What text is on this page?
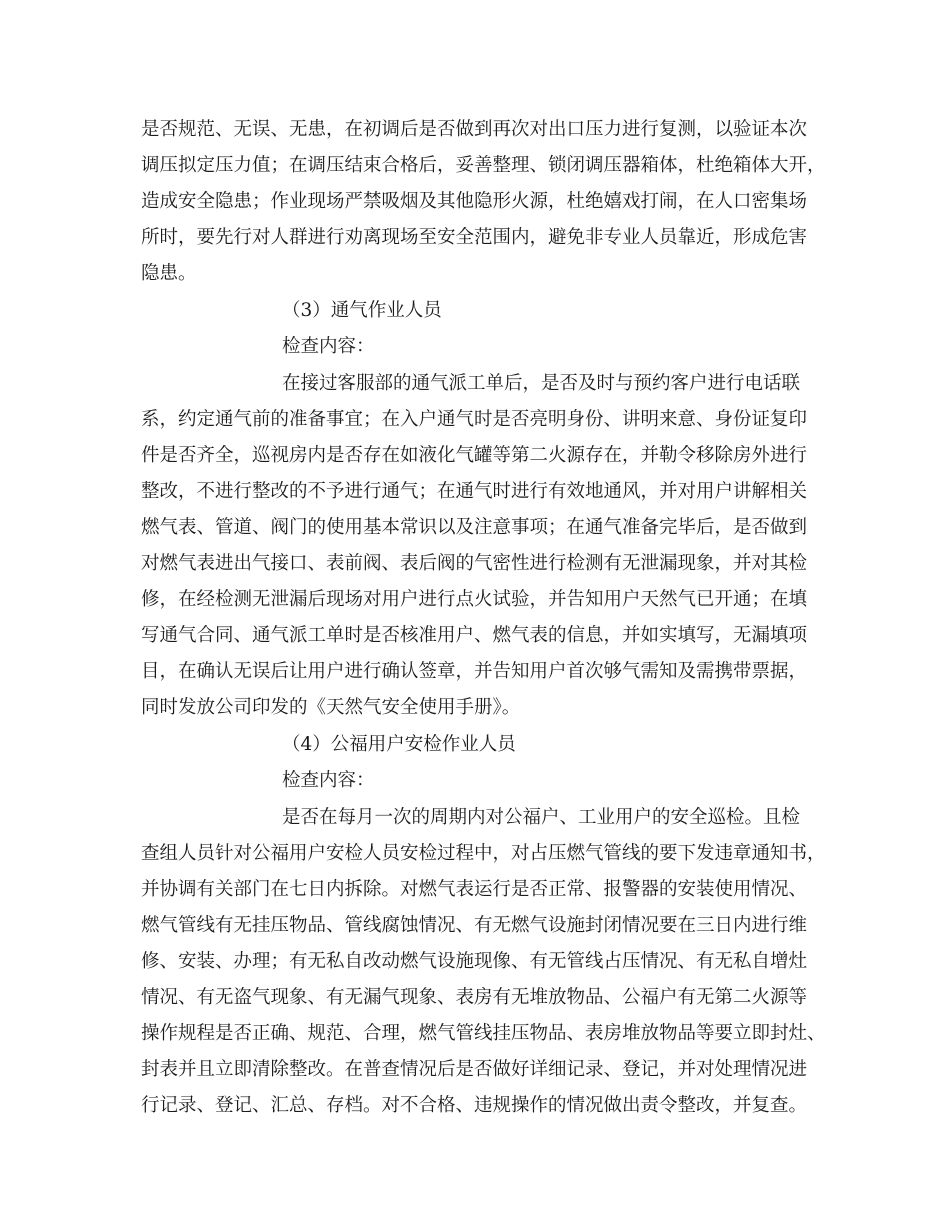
是否规范、无误、无患，在初调后是否做到再次对出口压力进行复测，以验证本次
调压拟定压力值；在调压结束合格后，妥善整理、锁闭调压器箱体，杜绝箱体大开，
造成安全隐患；作业现场严禁吸烟及其他隐形火源，杜绝嬉戏打闹，在人口密集场
所时，要先行对人群进行劝离现场至安全范围内，避免非专业人员靠近，形成危害
隐患。
（3）通气作业人员
检查内容：
在接过客服部的通气派工单后，是否及时与预约客户进行电话联
系，约定通气前的准备事宜；在入户通气时是否亮明身份、讲明来意、身份证复印
件是否齐全，巡视房内是否存在如液化气罐等第二火源存在，并勒令移除房外进行
整改，不进行整改的不予进行通气；在通气时进行有效地通风，并对用户讲解相关
燃气表、管道、阀门的使用基本常识以及注意事项；在通气准备完毕后，是否做到
对燃气表进出气接口、表前阀、表后阀的气密性进行检测有无泄漏现象，并对其检
修，在经检测无泄漏后现场对用户进行点火试验，并告知用户天然气已开通；在填
写通气合同、通气派工单时是否核准用户、燃气表的信息，并如实填写，无漏填项
目，在确认无误后让用户进行确认签章，并告知用户首次够气需知及需携带票据，
同时发放公司印发的《天然气安全使用手册》。
（4）公福用户安检作业人员
检查内容：
是否在每月一次的周期内对公福户、工业用户的安全巡检。且检
查组人员针对公福用户安检人员安检过程中，对占压燃气管线的要下发违章通知书，
并协调有关部门在七日内拆除。对燃气表运行是否正常、报警器的安装使用情况、
燃气管线有无挂压物品、管线腐蚀情况、有无燃气设施封闭情况要在三日内进行维
修、安装、办理；有无私自改动燃气设施现像、有无管线占压情况、有无私自增灶
情况、有无盗气现象、有无漏气现象、表房有无堆放物品、公福户有无第二火源等
操作规程是否正确、规范、合理，燃气管线挂压物品、表房堆放物品等要立即封灶、
封表并且立即清除整改。在普查情况后是否做好详细记录、登记，并对处理情况进
行记录、登记、汇总、存档。对不合格、违规操作的情况做出责令整改，并复查。
